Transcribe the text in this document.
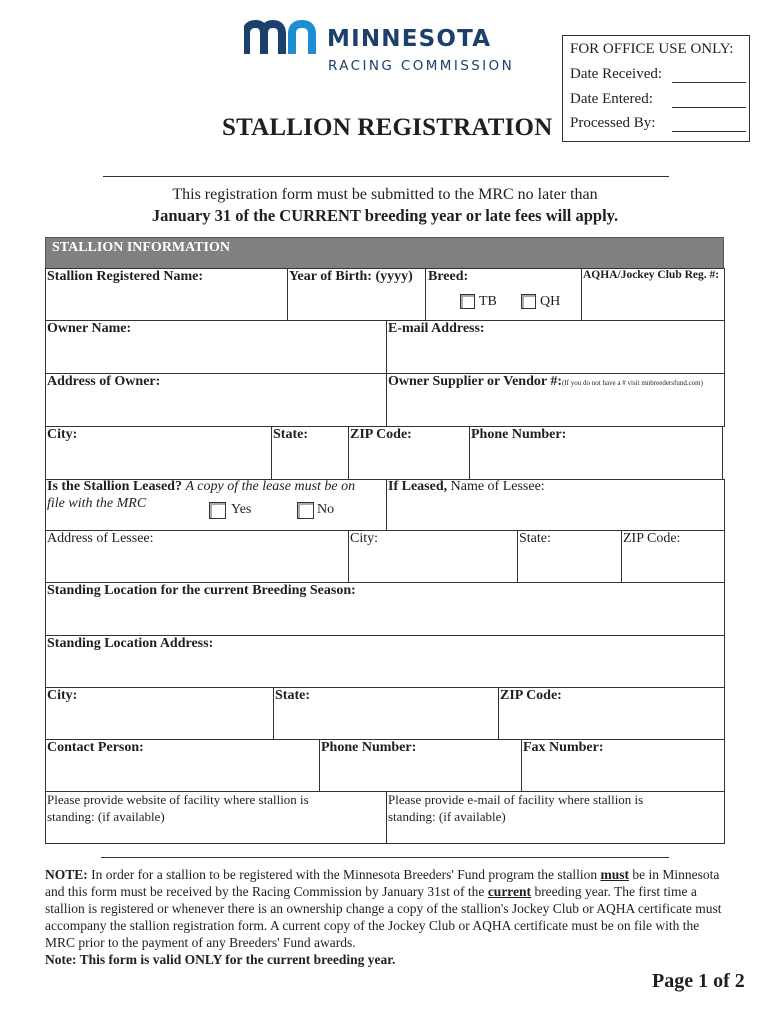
MINNESOTA
RACING COMMISSION
FOR OFFICE USE ONLY:
Date Received:
Date Entered:
Processed By:
STALLION REGISTRATION
This registration form must be submitted to the MRC no later than
January 31 of the CURRENT breeding year or late fees will apply.
STALLION INFORMATION
Stallion Registered Name:	Year of Birth: (yyyy) Breed:
TB	QH
AQHA/Jockey Club Reg. #:
Owner Name:	E-mail Address:
Address of Owner:	Owner Supplier or Vendor #:(If you do not have a # visit mnbreedersfund.com)
City:	State:	ZIP Code:	Phone Number:
Is the Stallion Leased? A copy of the lease must be on
file with the MRC	Yes	No
If Leased, Name of Lessee:
Address of Lessee:	City:	State:	ZIP Code:
Standing Location for the current Breeding Season:
Standing Location Address:
City:	State:	ZIP Code:
Contact Person:	Phone Number:	Fax Number:
Please provide website of facility where stallion is
standing: (if available)
Please provide e-mail of facility where stallion is
standing: (if available)
NOTE: In order for a stallion to be registered with the Minnesota Breeders' Fund program the stallion must be in Minnesota and this form must be received by the Racing Commission by January 31st of the current breeding year. The first time a stallion is registered or whenever there is an ownership change a copy of the stallion's Jockey Club or AQHA certificate must accompany the stallion registration form. A current copy of the Jockey Club or AQHA certificate must be on file with the MRC prior to the payment of any Breeders' Fund awards.
Note: This form is valid ONLY for the current breeding year.
Page 1 of 2
